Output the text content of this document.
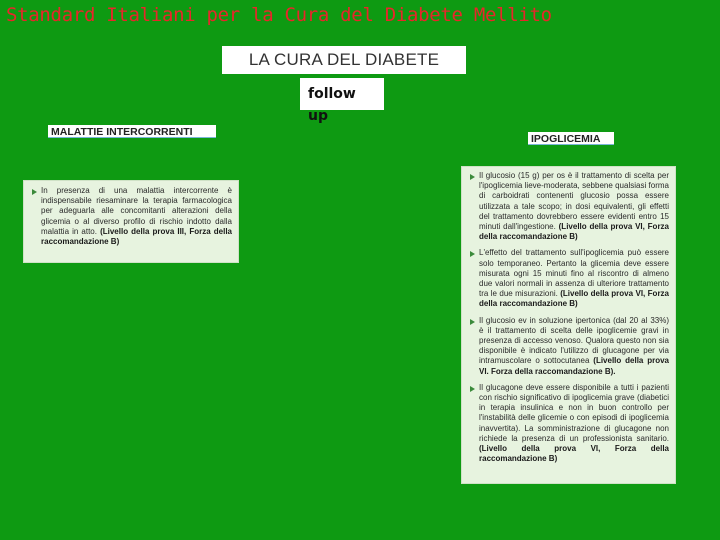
Standard Italiani per la Cura del Diabete Mellito
LA CURA DEL DIABETE
follow
up
MALATTIE INTERCORRENTI
IPOGLICEMIA
In presenza di una malattia intercorrente è indispensabile riesaminare la terapia farmacologica per adeguarla alle concomitanti alterazioni della glicemia o al diverso profilo di rischio indotto dalla malattia in atto. (Livello della prova III, Forza della raccomandazione B)
Il glucosio (15 g) per os è il trattamento di scelta per l'ipoglicemia lieve-moderata, sebbene qualsiasi forma di carboidrati contenenti glucosio possa essere utilizzata a tale scopo; in dosi equivalenti, gli effetti del trattamento dovrebbero essere evidenti entro 15 minuti dall'ingestione. (Livello della prova VI, Forza della raccomandazione B)
L'effetto del trattamento sull'ipoglicemia può essere solo temporaneo. Pertanto la glicemia deve essere misurata ogni 15 minuti fino al riscontro di almeno due valori normali in assenza di ulteriore trattamento tra le due misurazioni. (Livello della prova VI, Forza della raccomandazione B)
Il glucosio ev in soluzione ipertonica (dal 20 al 33%) è il trattamento di scelta delle ipoglicemie gravi in presenza di accesso venoso. Qualora questo non sia disponibile è indicato l'utilizzo di glucagone per via intramuscolare o sottocutanea (Livello della prova VI. Forza della raccomandazione B).
Il glucagone deve essere disponibile a tutti i pazienti con rischio significativo di ipoglicemia grave (diabetici in terapia insulinica e non in buon controllo per l'instabilità delle glicemie o con episodi di ipoglicemia inavvertita). La somministrazione di glucagone non richiede la presenza di un professionista sanitario. (Livello della prova VI, Forza della raccomandazione B)
